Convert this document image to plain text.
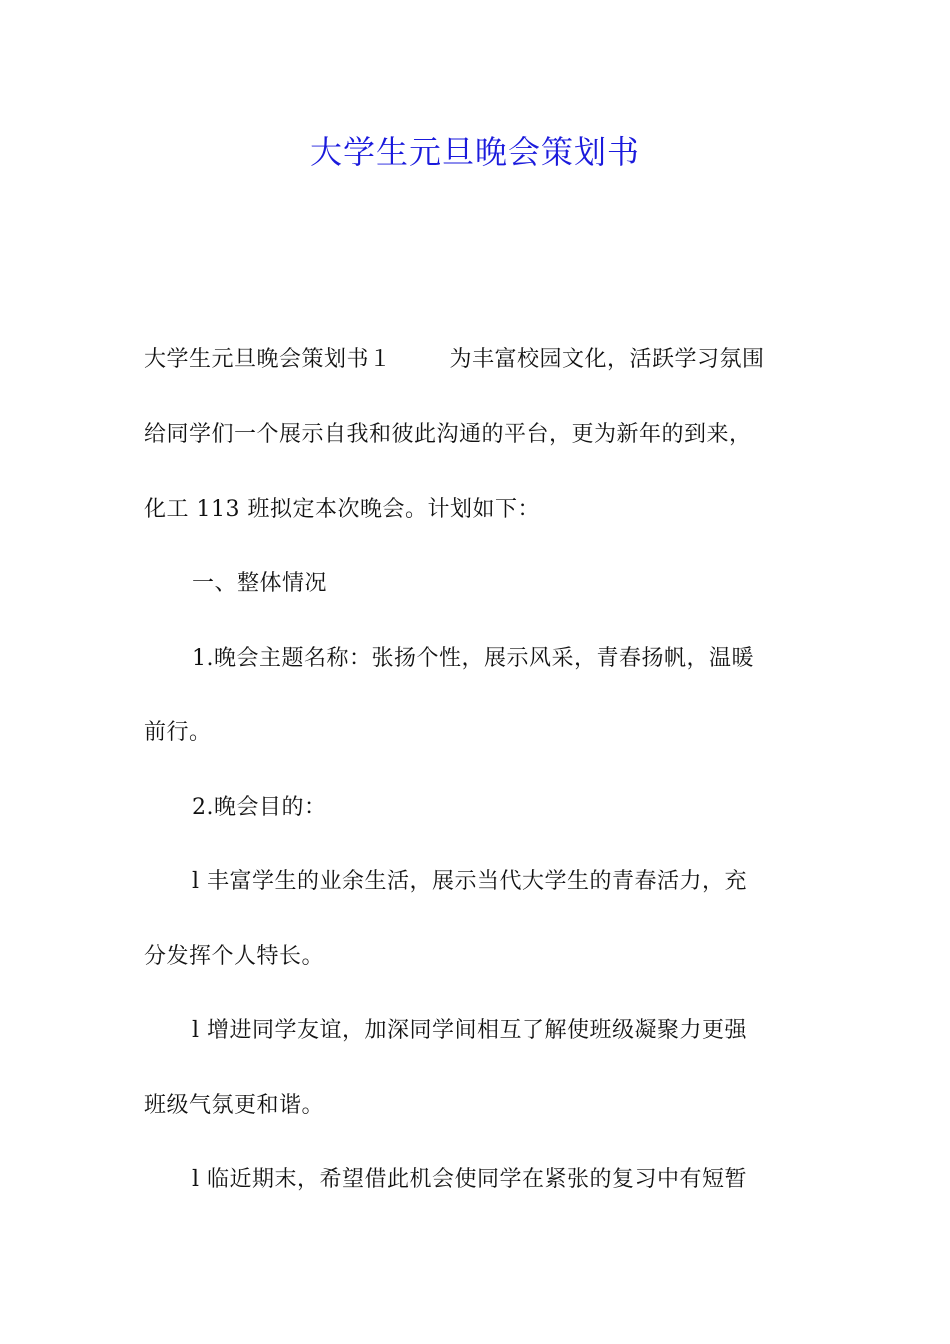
大学生元旦晚会策划书
大学生元旦晚会策划书１	为丰富校园文化，活跃学习氛围
给同学们一个展示自我和彼此沟通的平台，更为新年的到来，
化工 113 班拟定本次晚会。计划如下：
一、整体情况
1.晚会主题名称：张扬个性，展示风采，青春扬帆，温暖
前行。
2.晚会目的：
l 丰富学生的业余生活，展示当代大学生的青春活力，充
分发挥个人特长。
l 增进同学友谊，加深同学间相互了解使班级凝聚力更强
班级气氛更和谐。
l 临近期末，希望借此机会使同学在紧张的复习中有短暂
